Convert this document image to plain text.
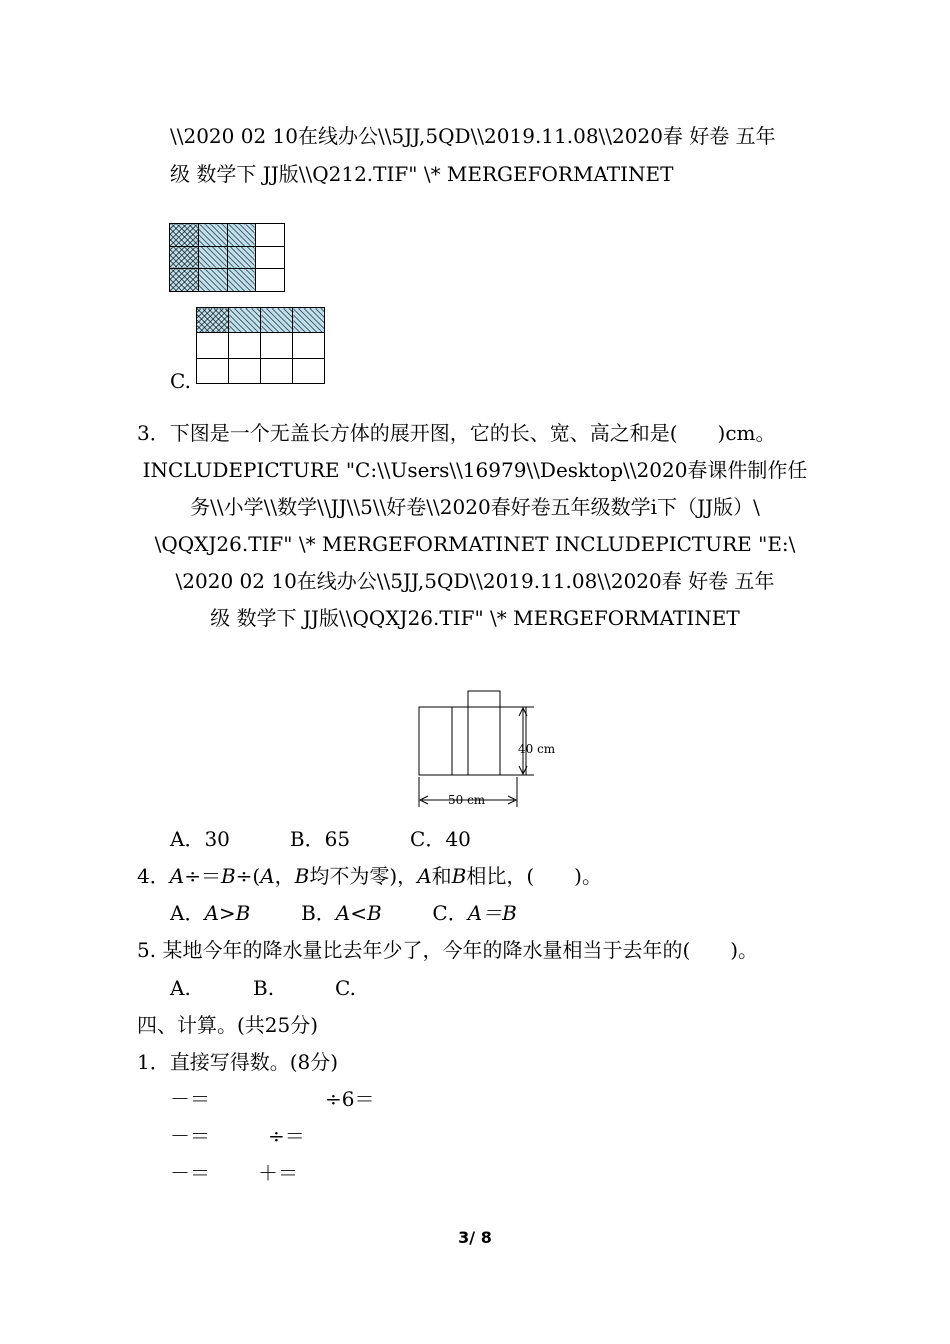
\\2020 02 10在线办公\\5JJ,5QD\\2019.11.08\\2020春 好卷 五年
级 数学下 JJ版\\Q212.TIF" \* MERGEFORMATINET

C.

3．下图是一个无盖长方体的展开图，它的长、宽、高之和是(　　)cm。
INCLUDEPICTURE "C:\\Users\\16979\\Desktop\\2020春课件制作任
务\\小学\\数学\\JJ\\5\\好卷\\2020春好卷五年级数学i下（JJ版）\
\QQXJ26.TIF" \* MERGEFORMATINET INCLUDEPICTURE "E:\
\2020 02 10在线办公\\5JJ,5QD\\2019.11.08\\2020春 好卷 五年
级 数学下 JJ版\\QQXJ26.TIF" \* MERGEFORMATINET
40 cm
50 cm
A．30　　　B．65　　　C．40
4．A÷＝B÷(A，B均不为零)，A和B相比，(　　)。
A．A>B	B．A<B	C．A＝B
5. 某地今年的降水量比去年少了，今年的降水量相当于去年的(　　)。
A.	B.	C.
四、计算。(共25分)
1．直接写得数。(8分)
－＝	÷6＝
－＝	÷＝
－＝ ＋＝
3/ 8
